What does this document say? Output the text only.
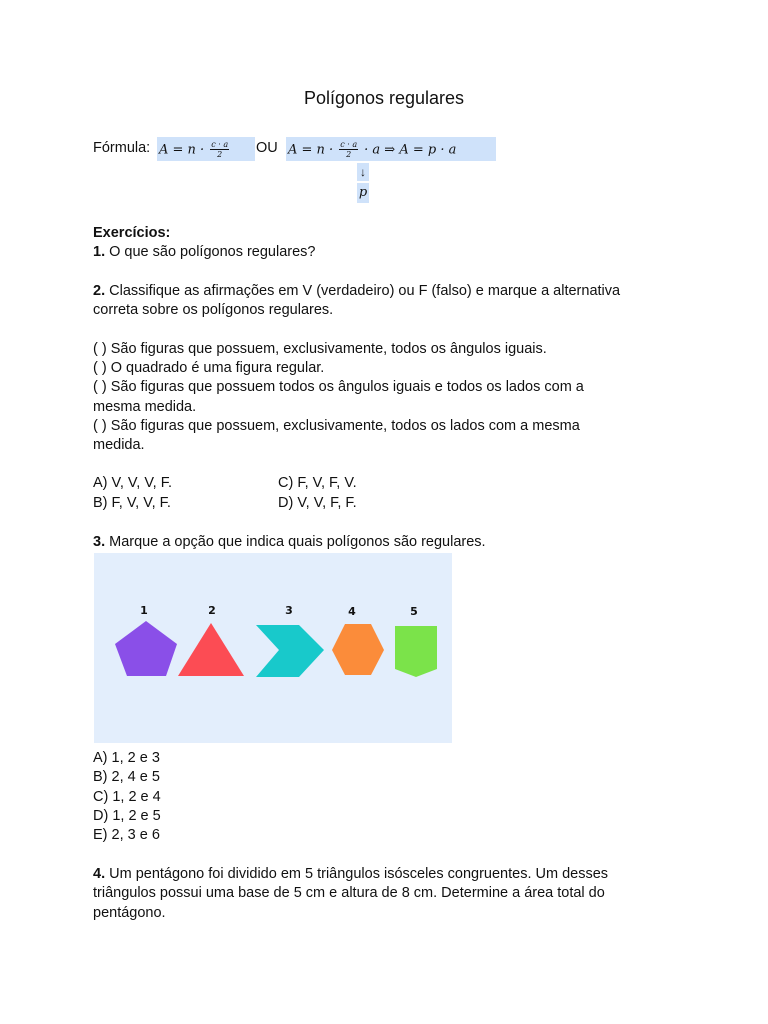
Polígonos regulares
Fórmula: $A = n \cdot \frac{c \cdot a}{2}$ OU $A = n \cdot \frac{c \cdot a}{2} \cdot a$ ⇒ A = p · a
↓
p
Exercícios:
1. O que são polígonos regulares?
2. Classifique as afirmações em V (verdadeiro) ou F (falso) e marque a alternativa
correta sobre os polígonos regulares.
( ) São figuras que possuem, exclusivamente, todos os ângulos iguais.
( ) O quadrado é uma figura regular.
( ) São figuras que possuem todos os ângulos iguais e todos os lados com a
mesma medida.
( ) São figuras que possuem, exclusivamente, todos os lados com a mesma
medida.
A) V, V, V, F.	C) F, V, F, V.
B) F, V, V, F.	D) V, V, F, F.
3. Marque a opção que indica quais polígonos são regulares.
1	2	3	4	5
A) 1, 2 e 3
B) 2, 4 e 5
C) 1, 2 e 4
D) 1, 2 e 5
E) 2, 3 e 6
4. Um pentágono foi dividido em 5 triângulos isósceles congruentes. Um desses
triângulos possui uma base de 5 cm e altura de 8 cm. Determine a área total do
pentágono.
